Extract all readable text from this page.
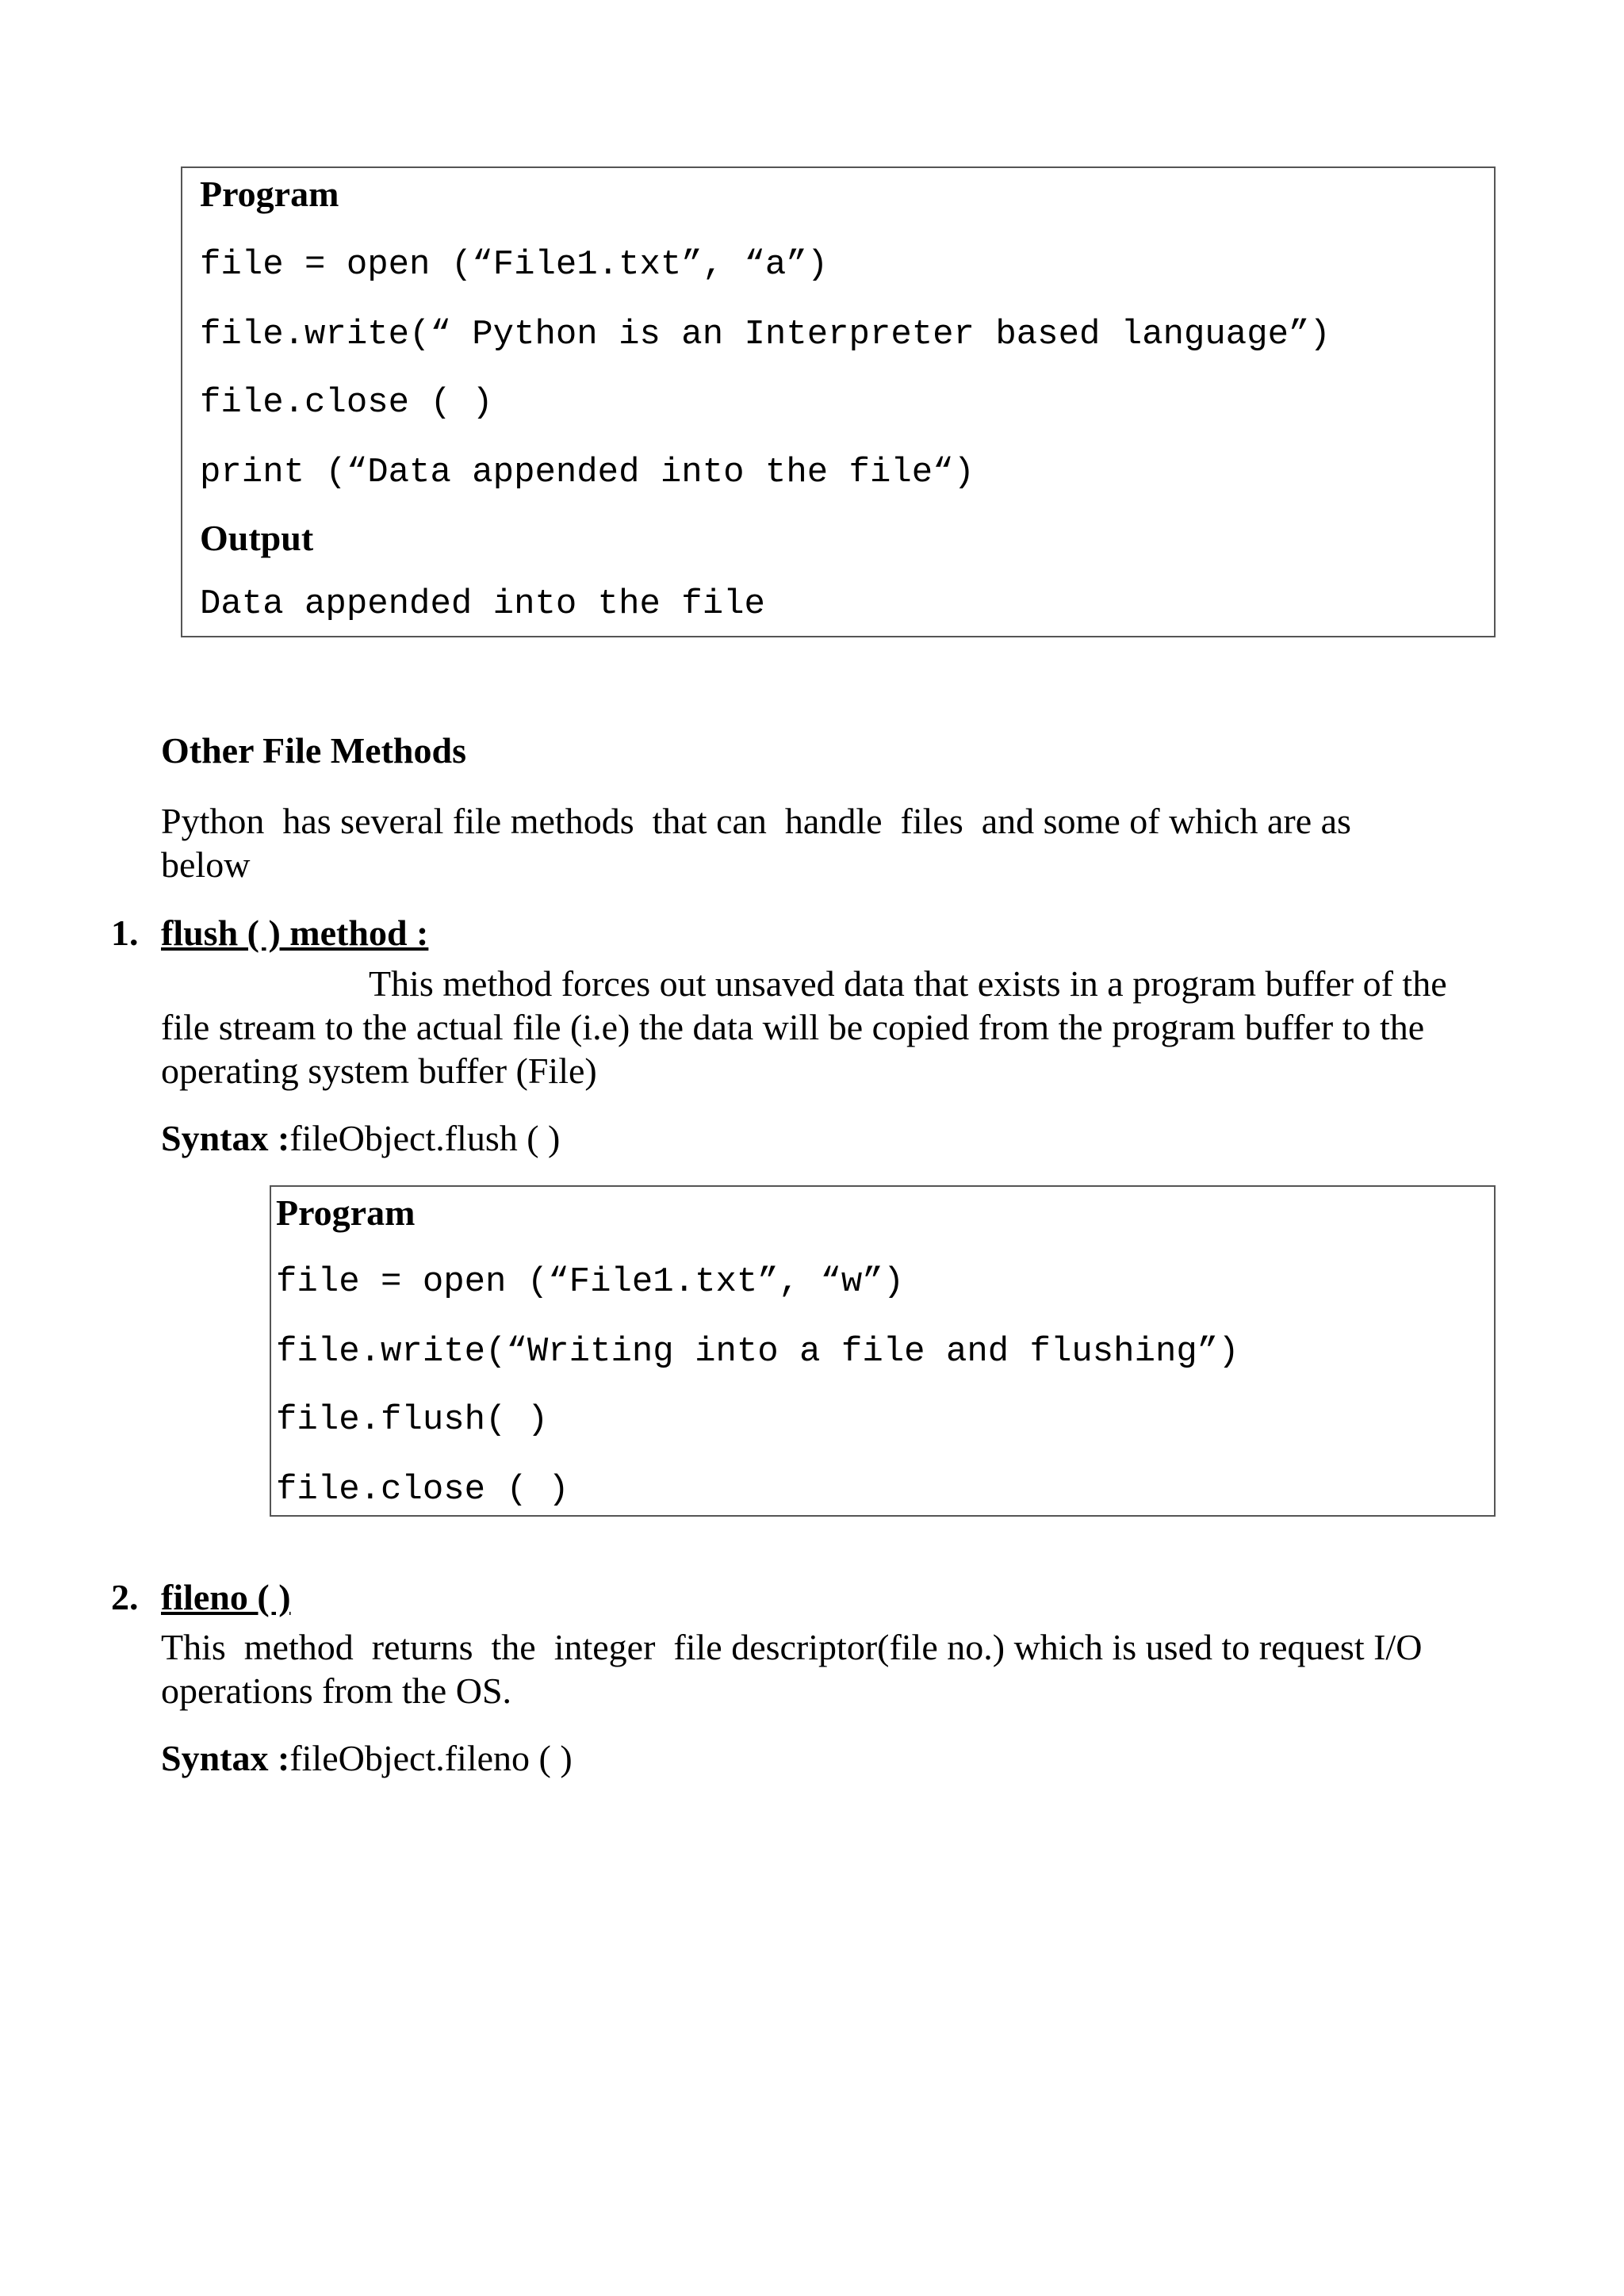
Program
file = open (“File1.txt”, “a”)
file.write(“ Python is an Interpreter based language”)
file.close ( )
print (“Data appended into the file“)
Output
Data appended into the file
Other File Methods
Python  has several file methods  that can  handle  files  and some of which are as
below
1. flush ( ) method :
This method forces out unsaved data that exists in a program buffer of the
file stream to the actual file (i.e) the data will be copied from the program buffer to the
operating system buffer (File)
Syntax :fileObject.flush ( )
Program
file = open (“File1.txt”, “w”)
file.write(“Writing into a file and flushing”)
file.flush( )
file.close ( )
2. fileno ( )
This  method  returns  the  integer  file descriptor(file no.) which is used to request I/O
operations from the OS.
Syntax :fileObject.fileno ( )
